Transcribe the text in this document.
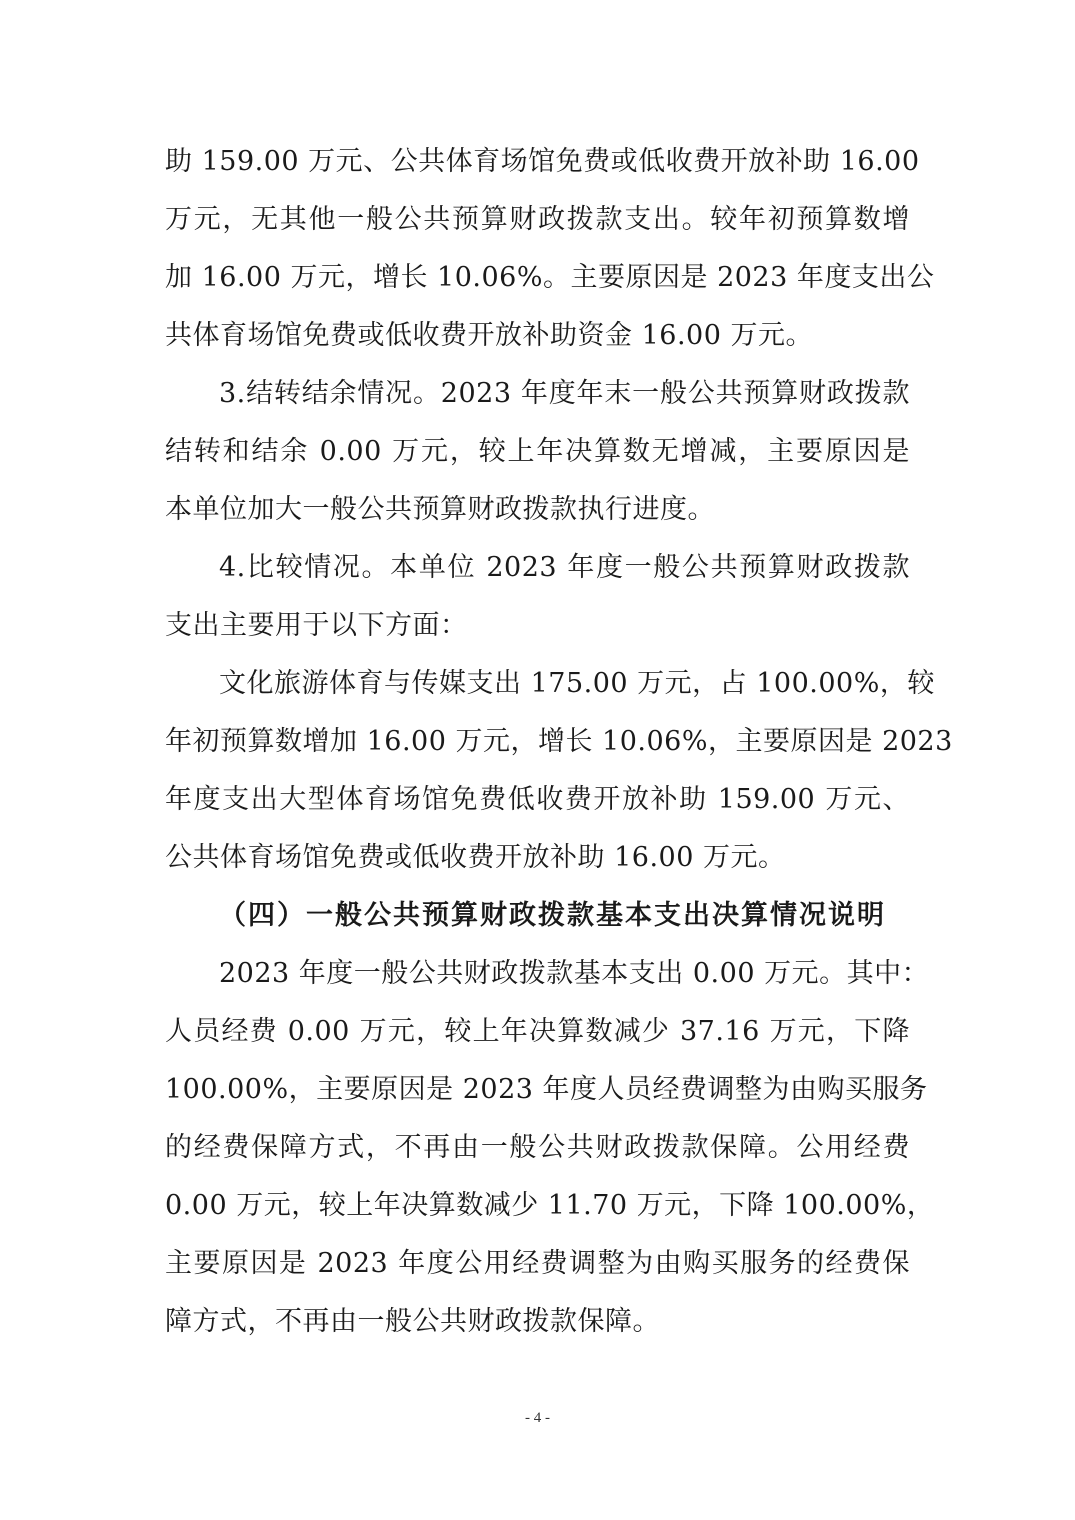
助 159.00 万元、公共体育场馆免费或低收费开放补助 16.00
万元，无其他一般公共预算财政拨款支出。较年初预算数增
加 16.00 万元，增长 10.06%。主要原因是 2023 年度支出公
共体育场馆免费或低收费开放补助资金 16.00 万元。
3.结转结余情况。2023 年度年末一般公共预算财政拨款
结转和结余 0.00 万元，较上年决算数无增减，主要原因是
本单位加大一般公共预算财政拨款执行进度。
4.比较情况。本单位 2023 年度一般公共预算财政拨款
支出主要用于以下方面：
文化旅游体育与传媒支出 175.00 万元，占 100.00%，较
年初预算数增加 16.00 万元，增长 10.06%，主要原因是 2023
年度支出大型体育场馆免费低收费开放补助 159.00 万元、
公共体育场馆免费或低收费开放补助 16.00 万元。
（四）一般公共预算财政拨款基本支出决算情况说明
2023 年度一般公共财政拨款基本支出 0.00 万元。其中：
人员经费 0.00 万元，较上年决算数减少 37.16 万元，下降
100.00%，主要原因是 2023 年度人员经费调整为由购买服务
的经费保障方式，不再由一般公共财政拨款保障。公用经费
0.00 万元，较上年决算数减少 11.70 万元，下降 100.00%，
主要原因是 2023 年度公用经费调整为由购买服务的经费保
障方式，不再由一般公共财政拨款保障。
- 4 -
